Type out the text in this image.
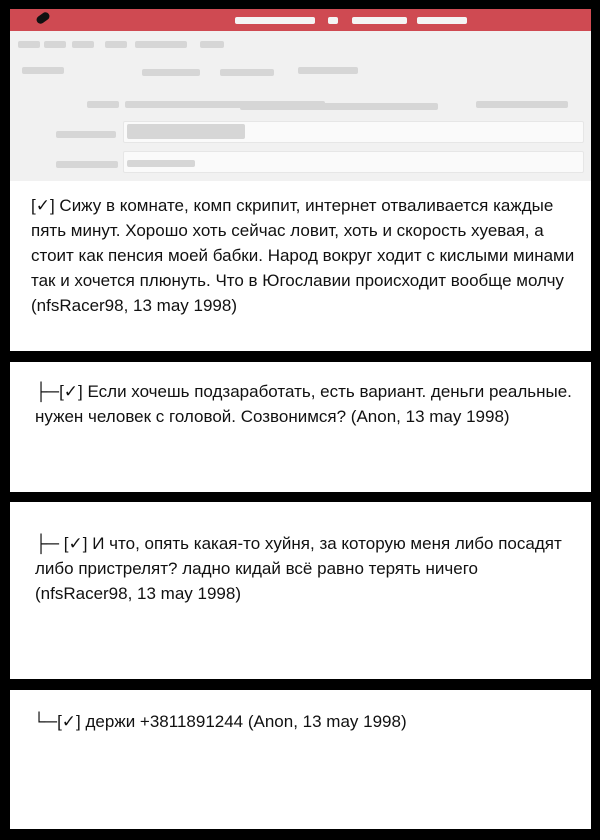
[✓] Сижу в комнате, комп скрипит, интернет отваливается каждые пять минут. Хорошо хоть сейчас ловит, хоть и скорость хуевая, а стоит как пенсия моей бабки. Народ вокруг ходит с кислыми минами так и хочется плюнуть. Что в Югославии происходит вообще молчу (nfsRacer98, 13 may 1998)

├─[✓] Если хочешь подзаработать, есть вариант. деньги реальные. нужен человек с головой. Созвонимся? (Anon, 13 may 1998)

├─ [✓] И что, опять какая-то хуйня, за которую меня либо посадят либо пристрелят? ладно кидай всё равно терять ничего (nfsRacer98, 13 may 1998)

└─[✓] держи +3811891244 (Anon, 13 may 1998)
